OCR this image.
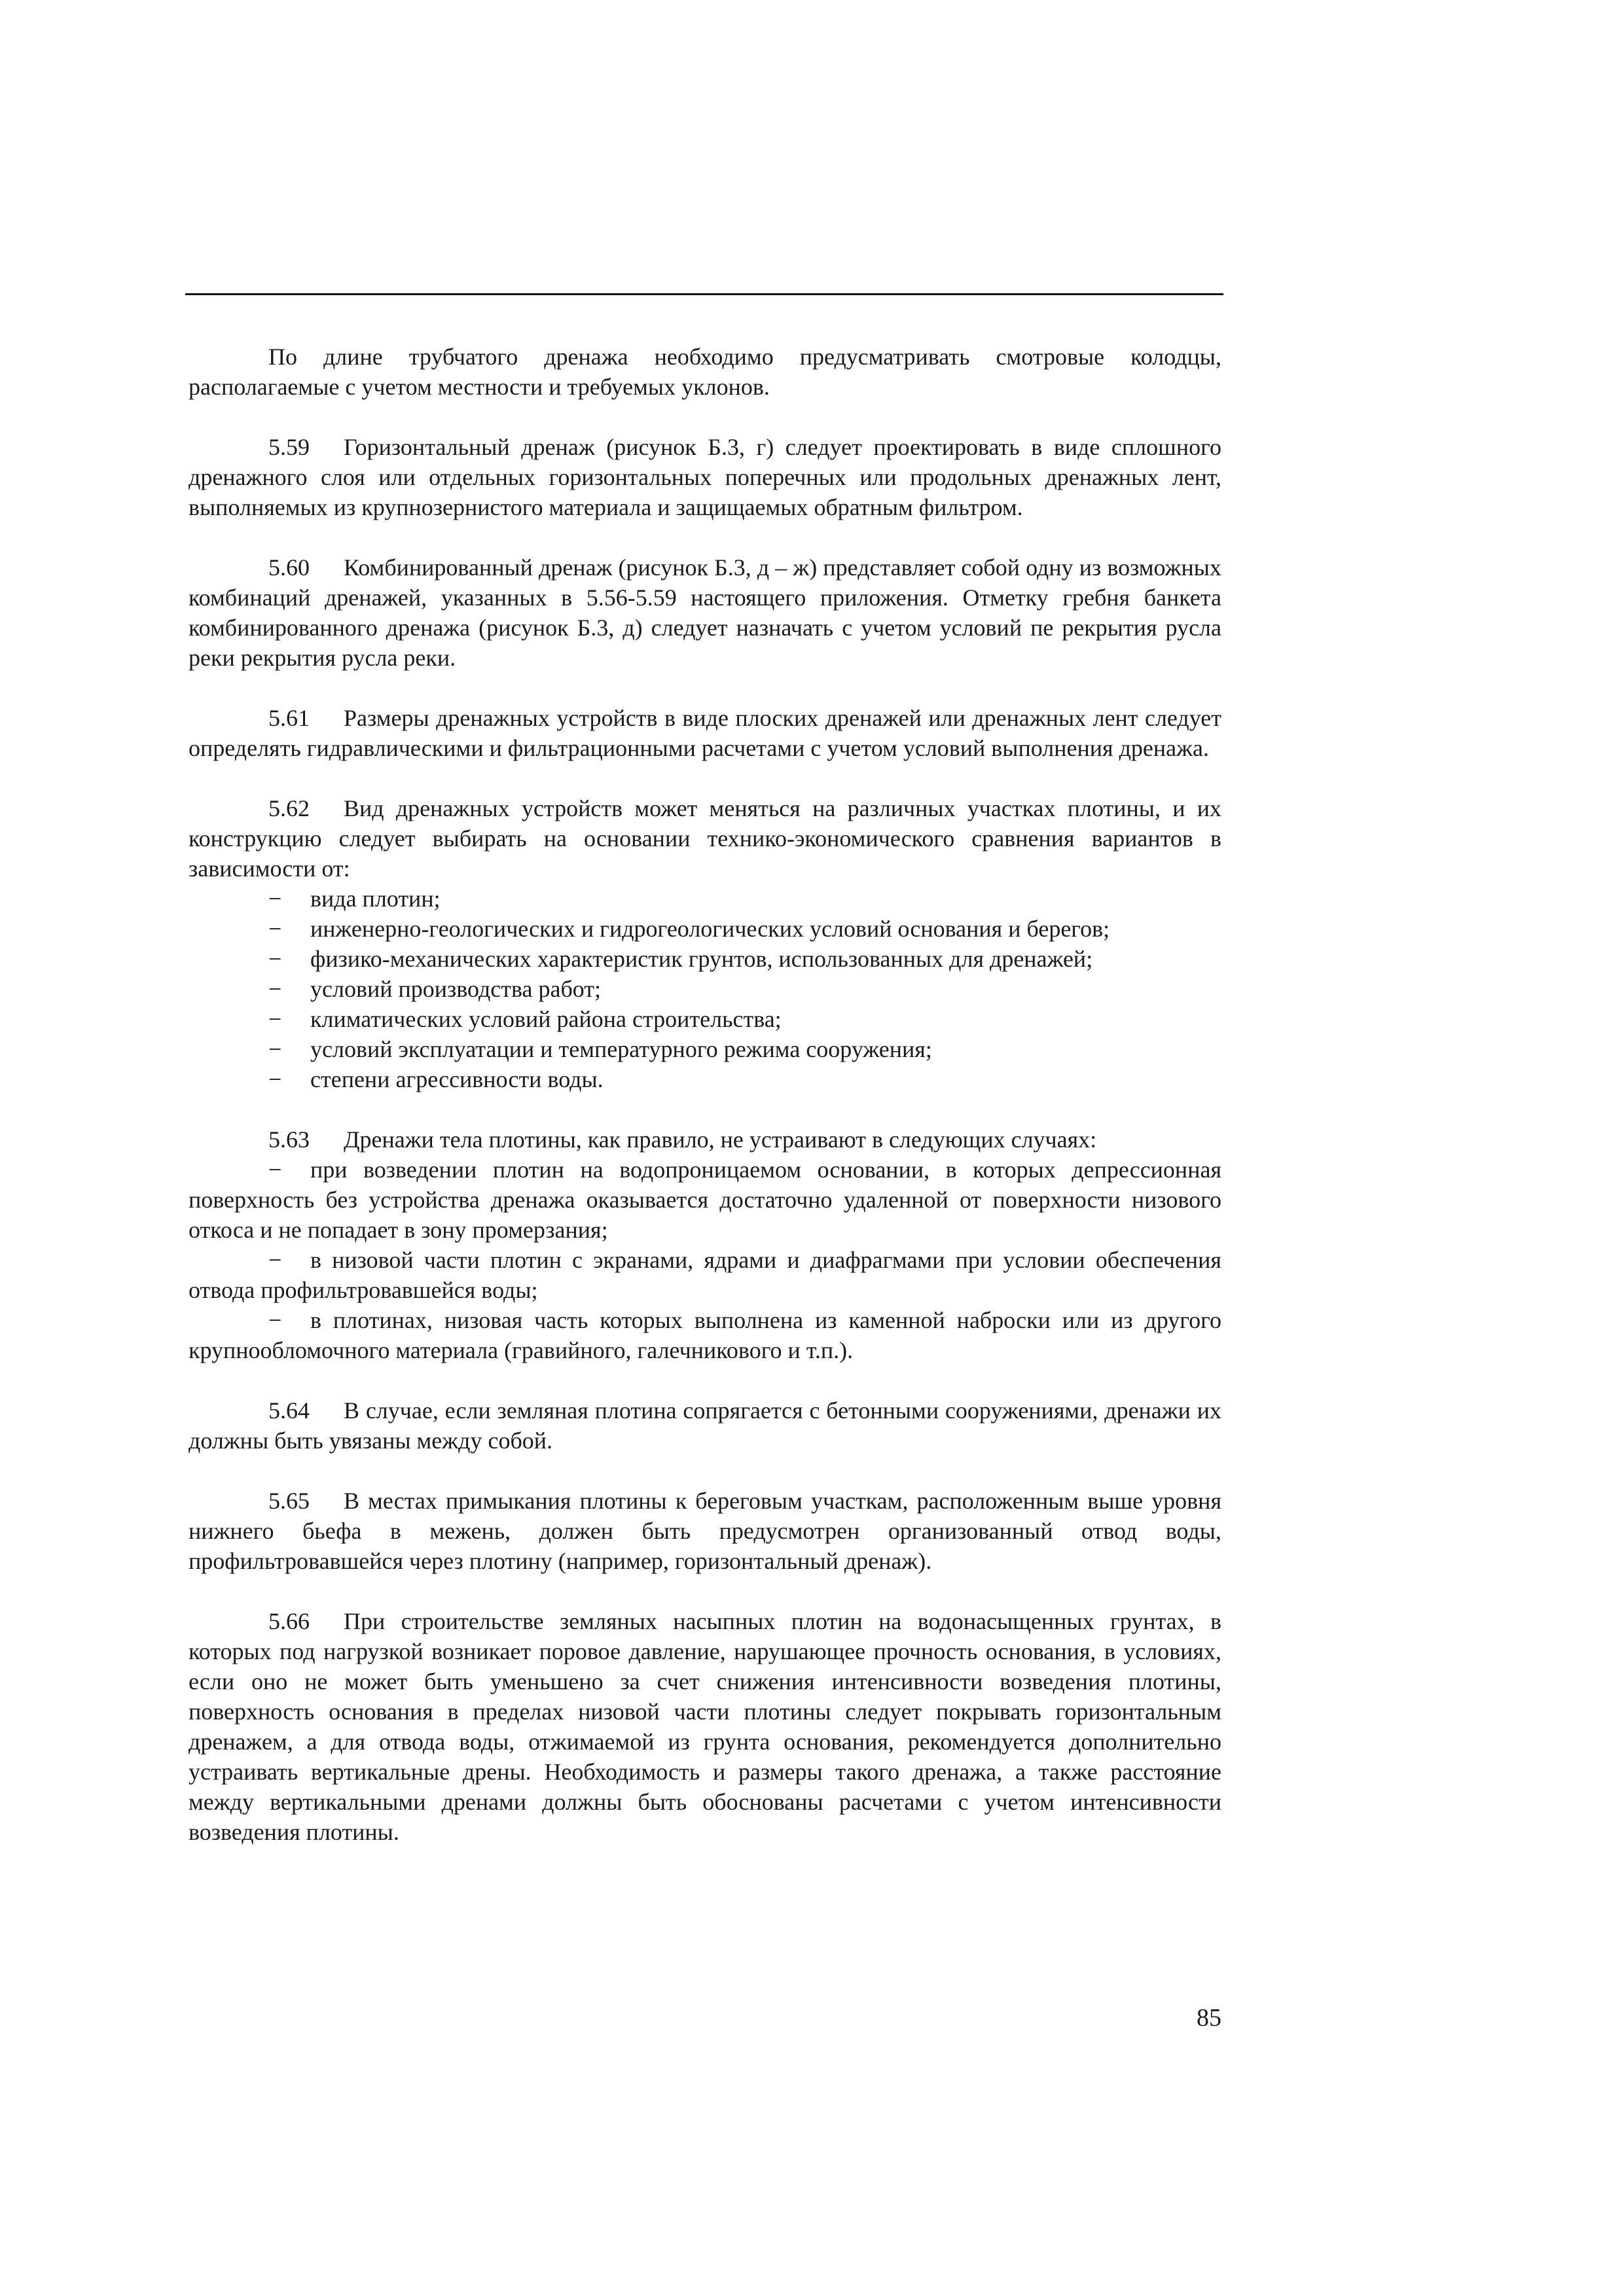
По длине трубчатого дренажа необходимо предусматривать смотровые колодцы, располагаемые с учетом местности и требуемых уклонов.

5.59 Горизонтальный дренаж (рисунок Б.3, г) следует проектировать в виде сплошного дренажного слоя или отдельных горизонтальных поперечных или продольных дренажных лент, выполняемых из крупнозернистого материала и защищаемых обратным фильтром.

5.60 Комбинированный дренаж (рисунок Б.3, д – ж) представляет собой одну из возможных комбинаций дренажей, указанных в 5.56-5.59 настоящего приложения. Отметку гребня банкета комбинированного дренажа (рисунок Б.3, д) следует назначать с учетом условий пе рекрытия русла реки рекрытия русла реки.

5.61 Размеры дренажных устройств в виде плоских дренажей или дренажных лент следует определять гидравлическими и фильтрационными расчетами с учетом условий выполнения дренажа.

5.62 Вид дренажных устройств может меняться на различных участках плотины, и их конструкцию следует выбирать на основании технико-экономического сравнения вариантов в зависимости от:

− вида плотин;
− инженерно-геологических и гидрогеологических условий основания и берегов;
− физико-механических характеристик грунтов, использованных для дренажей;
− условий производства работ;
− климатических условий района строительства;
− условий эксплуатации и температурного режима сооружения;
− степени агрессивности воды.

5.63 Дренажи тела плотины, как правило, не устраивают в следующих случаях:

− при возведении плотин на водопроницаемом основании, в которых депрессионная поверхность без устройства дренажа оказывается достаточно удаленной от поверхности низового откоса и не попадает в зону промерзания;

− в низовой части плотин с экранами, ядрами и диафрагмами при условии обеспечения отвода профильтровавшейся воды;

− в плотинах, низовая часть которых выполнена из каменной наброски или из другого крупнообломочного материала (гравийного, галечникового и т.п.).

5.64 В случае, если земляная плотина сопрягается с бетонными сооружениями, дренажи их должны быть увязаны между собой.

5.65 В местах примыкания плотины к береговым участкам, расположенным выше уровня нижнего бьефа в межень, должен быть предусмотрен организованный отвод воды, профильтровавшейся через плотину (например, горизонтальный дренаж).

5.66 При строительстве земляных насыпных плотин на водонасыщенных грунтах, в которых под нагрузкой возникает поровое давление, нарушающее прочность основания, в условиях, если оно не может быть уменьшено за счет снижения интенсивности возведения плотины, поверхность основания в пределах низовой части плотины следует покрывать горизонтальным дренажем, а для отвода воды, отжимаемой из грунта основания, рекомендуется дополнительно устраивать вертикальные дрены. Необходимость и размеры такого дренажа, а также расстояние между вертикальными дренами должны быть обоснованы расчетами с учетом интенсивности возведения плотины.

85
